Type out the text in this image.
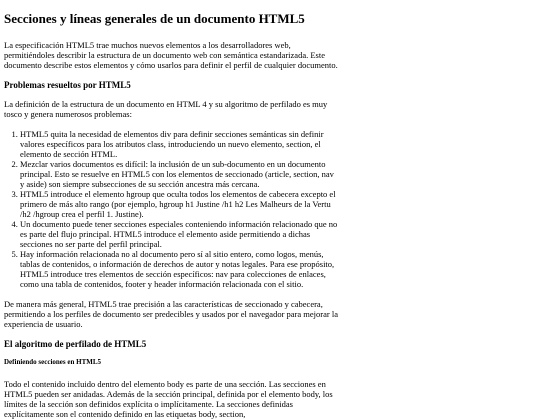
Secciones y líneas generales de un documento HTML5

La especificación HTML5 trae muchos nuevos elementos a los desarrolladores web, permitiéndoles describir la estructura de un documento web con semántica estandarizada. Este documento describe estos elementos y cómo usarlos para definir el perfil de cualquier documento.

Problemas resueltos por HTML5

La definición de la estructura de un documento en HTML 4 y su algoritmo de perfilado es muy tosco y genera numerosos problemas:

1. HTML5 quita la necesidad de elementos div para definir secciones semánticas sin definir valores específicos para los atributos class, introduciendo un nuevo elemento, section, el elemento de sección HTML.
2. Mezclar varios documentos es difícil: la inclusión de un sub-documento en un documento principal. Esto se resuelve en HTML5 con los elementos de seccionado (article, section, nav y aside) son siempre subsecciones de su sección ancestra más cercana.
3. HTML5 introduce el elemento hgroup que oculta todos los elementos de cabecera excepto el primero de más alto rango (por ejemplo, hgroup h1 Justine /h1 h2 Les Malheurs de la Vertu /h2 /hgroup crea el perfil 1. Justine).
4. Un documento puede tener secciones especiales conteniendo información relacionado que no es parte del flujo principal. HTML5 introduce el elemento aside permitiendo a dichas secciones no ser parte del perfil principal.
5. Hay información relacionada no al documento pero sí al sitio entero, como logos, menús, tablas de contenidos, o información de derechos de autor y notas legales. Para ese propósito, HTML5 introduce tres elementos de sección específicos: nav para colecciones de enlaces, como una tabla de contenidos, footer y header información relacionada con el sitio.

De manera más general, HTML5 trae precisión a las características de seccionado y cabecera, permitiendo a los perfiles de documento ser predecibles y usados por el navegador para mejorar la experiencia de usuario.

El algoritmo de perfilado de HTML5
Definiendo secciones en HTML5

Todo el contenido incluido dentro del elemento body es parte de una sección. Las secciones en HTML5 pueden ser anidadas. Además de la sección principal, definida por el elemento body, los límites de la sección son definidos explícita o implícitamente. La secciones definidas explícitamente son el contenido definido en las etiquetas body, section,
